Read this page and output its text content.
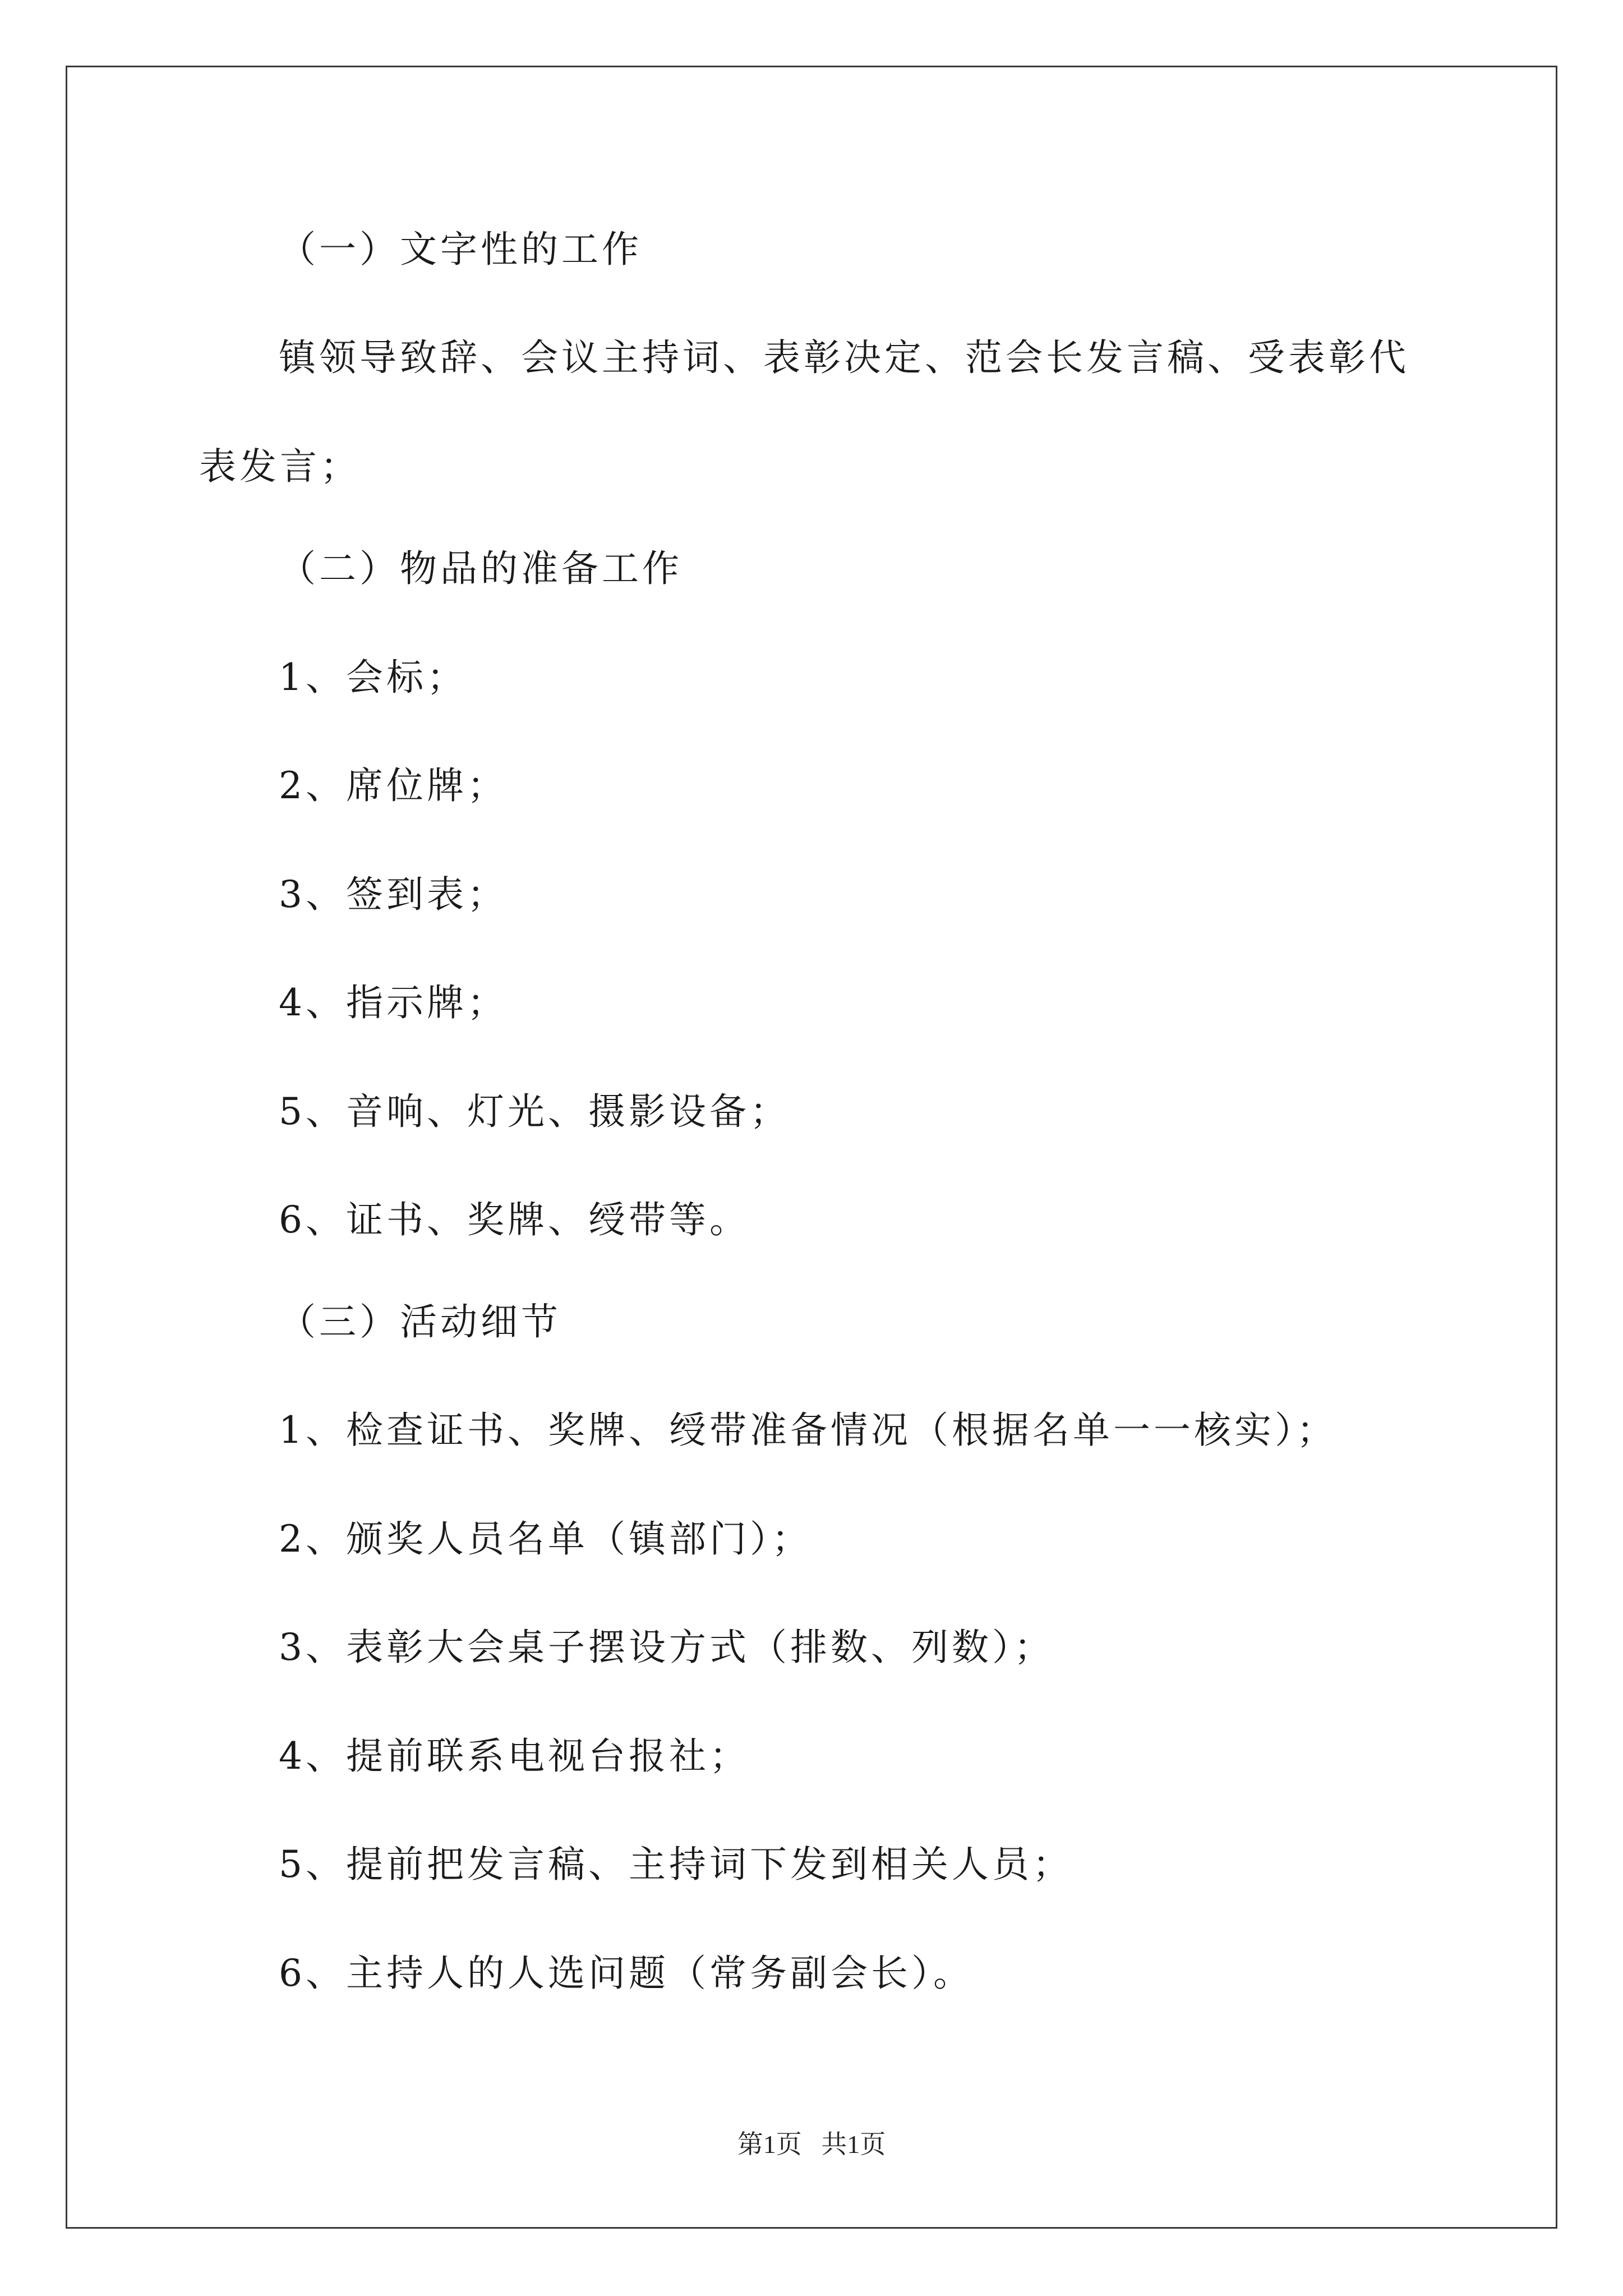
（一）文字性的工作

镇领导致辞、会议主持词、表彰决定、范会长发言稿、受表彰代

表发言；

（二）物品的准备工作

1、会标；

2、席位牌；

3、签到表；

4、指示牌；

5、音响、灯光、摄影设备；

6、证书、奖牌、绶带等。

（三）活动细节

1、检查证书、奖牌、绶带准备情况（根据名单一一核实）；

2、颁奖人员名单（镇部门）；

3、表彰大会桌子摆设方式（排数、列数）；

4、提前联系电视台报社；

5、提前把发言稿、主持词下发到相关人员；

6、主持人的人选问题（常务副会长）。

第1页   共1页
